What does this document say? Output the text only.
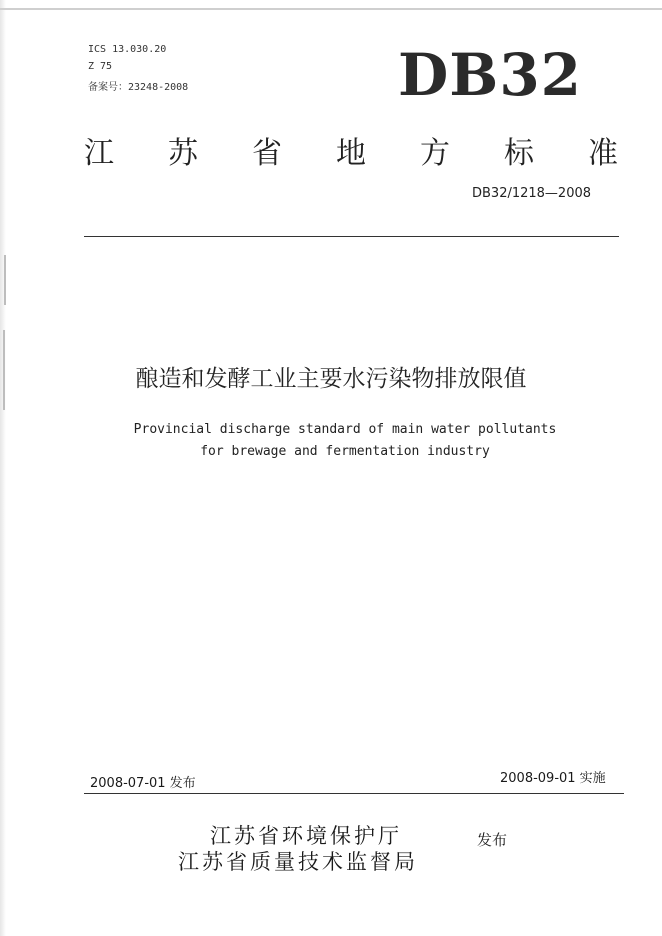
ICS 13.030.20
Z 75
备案号：23248-2008	DB32
江 苏 省 地 方 标 准
DB32/1218—2008
酿造和发酵工业主要水污染物排放限值
Provincial discharge standard of main water pollutants
for brewage and fermentation industry
2008-07-01 发布	2008-09-01 实施
江苏省环境保护厅	发布
江苏省质量技术监督局
